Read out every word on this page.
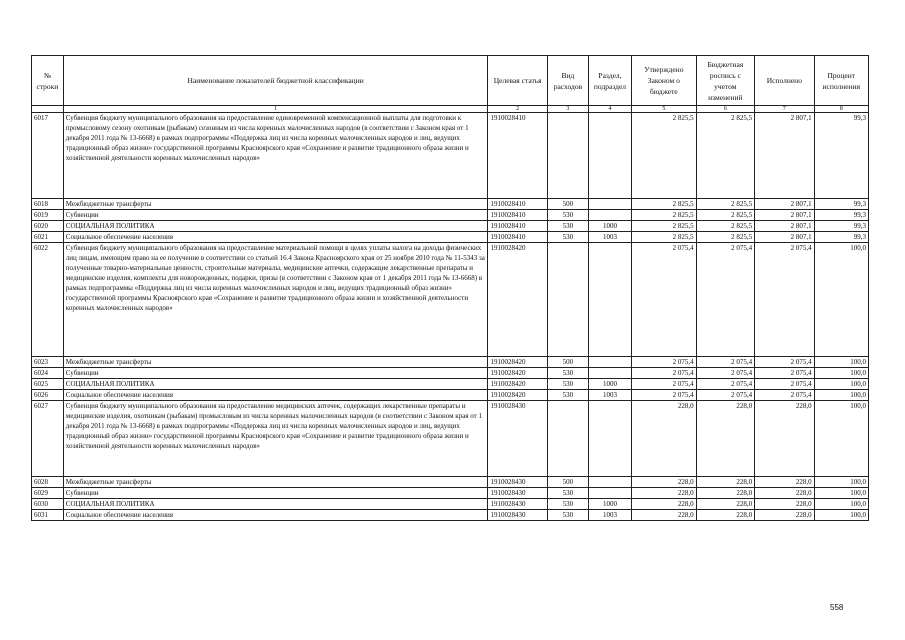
№ строки	Наименование показателей бюджетной классификации	Целевая статья	Вид расходов	Раздел, подраздел	Утверждено Законом о бюджете	Бюджетная роспись с учетом изменений	Исполнено	Процент исполнения
	1	2	3	4	5	6	7	8
6017	Субвенция бюджету муниципального образования на предоставление единовременной компенсационной выплаты для подготовки к промысловому сезону охотникам (рыбакам) сезонным из числа коренных малочисленных народов (в соответствии с Законом края от 1 декабря 2011 года № 13-6668) в рамках подпрограммы «Поддержка лиц из числа коренных малочисленных народов и лиц, ведущих традиционный образ жизни» государственной программы Красноярского края «Сохранение и развитие традиционного образа жизни и хозяйственной деятельности коренных малочисленных народов»	1910028410			2 825,5	2 825,5	2 807,1	99,3
6018	Межбюджетные трансферты	1910028410	500		2 825,5	2 825,5	2 807,1	99,3
6019	Субвенции	1910028410	530		2 825,5	2 825,5	2 807,1	99,3
6020	СОЦИАЛЬНАЯ ПОЛИТИКА	1910028410	530	1000	2 825,5	2 825,5	2 807,1	99,3
6021	Социальное обеспечение населения	1910028410	530	1003	2 825,5	2 825,5	2 807,1	99,3
6022	Субвенция бюджету муниципального образования на предоставление материальной помощи в целях уплаты налога на доходы физических лиц лицам, имеющим право на ее получение в соответствии со статьей 16.4 Закона Красноярского края от 25 ноября 2010 года № 11-5343 за полученные товарно-материальные ценности, строительные материалы, медицинские аптечки, содержащие лекарственные препараты и медицинские изделия, комплекты для новорожденных, подарки, призы (в соответствии с Законом края от 1 декабря 2011 года № 13-6668) в рамках подпрограммы «Поддержка лиц из числа коренных малочисленных народов и лиц, ведущих традиционный образ жизни» государственной программы Красноярского края «Сохранение и развитие традиционного образа жизни и хозяйственной деятельности коренных малочисленных народов»	1910028420			2 075,4	2 075,4	2 075,4	100,0
6023	Межбюджетные трансферты	1910028420	500		2 075,4	2 075,4	2 075,4	100,0
6024	Субвенции	1910028420	530		2 075,4	2 075,4	2 075,4	100,0
6025	СОЦИАЛЬНАЯ ПОЛИТИКА	1910028420	530	1000	2 075,4	2 075,4	2 075,4	100,0
6026	Социальное обеспечение населения	1910028420	530	1003	2 075,4	2 075,4	2 075,4	100,0
6027	Субвенция бюджету муниципального образования на предоставление медицинских аптечек, содержащих лекарственные препараты и медицинские изделия, охотникам (рыбакам) промысловым из числа коренных малочисленных народов (в соответствии с Законом края от 1 декабря 2011 года № 13-6668) в рамках подпрограммы «Поддержка лиц из числа коренных малочисленных народов и лиц, ведущих традиционный образ жизни» государственной программы Красноярского края «Сохранение и развитие традиционного образа жизни и хозяйственной деятельности коренных малочисленных народов»	1910028430			228,0	228,0	228,0	100,0
6028	Межбюджетные трансферты	1910028430	500		228,0	228,0	228,0	100,0
6029	Субвенции	1910028430	530		228,0	228,0	228,0	100,0
6030	СОЦИАЛЬНАЯ ПОЛИТИКА	1910028430	530	1000	228,0	228,0	228,0	100,0
6031	Социальное обеспечение населения	1910028430	530	1003	228,0	228,0	228,0	100,0
558
